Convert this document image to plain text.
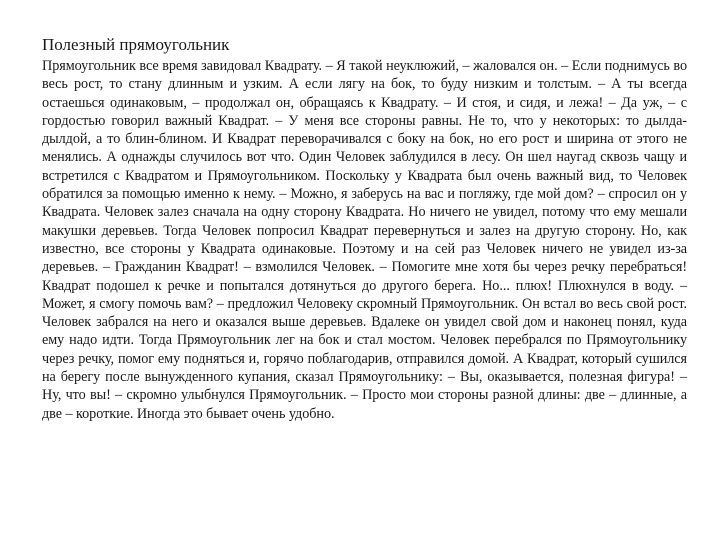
Полезный прямоугольник

Прямоугольник все время завидовал Квадрату. – Я такой неуклюжий, – жаловался он. – Если поднимусь во весь рост, то стану длинным и узким. А если лягу на бок, то буду низким и толстым. – А ты всегда остаешься одинаковым, – продолжал он, обращаясь к Квадрату. – И стоя, и сидя, и лежа! – Да уж, – с гордостью говорил важный Квадрат. – У меня все стороны равны. Не то, что у некоторых: то дылда-дылдой, а то блин-блином. И Квадрат переворачивался с боку на бок, но его рост и ширина от этого не менялись. А однажды случилось вот что. Один Человек заблудился в лесу. Он шел наугад сквозь чащу и встретился с Квадратом и Прямоугольником. Поскольку у Квадрата был очень важный вид, то Человек обратился за помощью именно к нему. – Можно, я заберусь на вас и погляжу, где мой дом? – спросил он у Квадрата. Человек залез сначала на одну сторону Квадрата. Но ничего не увидел, потому что ему мешали макушки деревьев. Тогда Человек попросил Квадрат перевернуться и залез на другую сторону. Но, как известно, все стороны у Квадрата одинаковые. Поэтому и на сей раз Человек ничего не увидел из-за деревьев. – Гражданин Квадрат! – взмолился Человек. – Помогите мне хотя бы через речку перебраться! Квадрат подошел к речке и попытался дотянуться до другого берега. Но... плюх! Плюхнулся в воду. – Может, я смогу помочь вам? – предложил Человеку скромный Прямоугольник. Он встал во весь свой рост. Человек забрался на него и оказался выше деревьев. Вдалеке он увидел свой дом и наконец понял, куда ему надо идти. Тогда Прямоугольник лег на бок и стал мостом. Человек перебрался по Прямоугольнику через речку, помог ему подняться и, горячо поблагодарив, отправился домой. А Квадрат, который сушился на берегу после вынужденного купания, сказал Прямоугольнику: – Вы, оказывается, полезная фигура! – Ну, что вы! – скромно улыбнулся Прямоугольник. – Просто мои стороны разной длины: две – длинные, а две – короткие. Иногда это бывает очень удобно.
